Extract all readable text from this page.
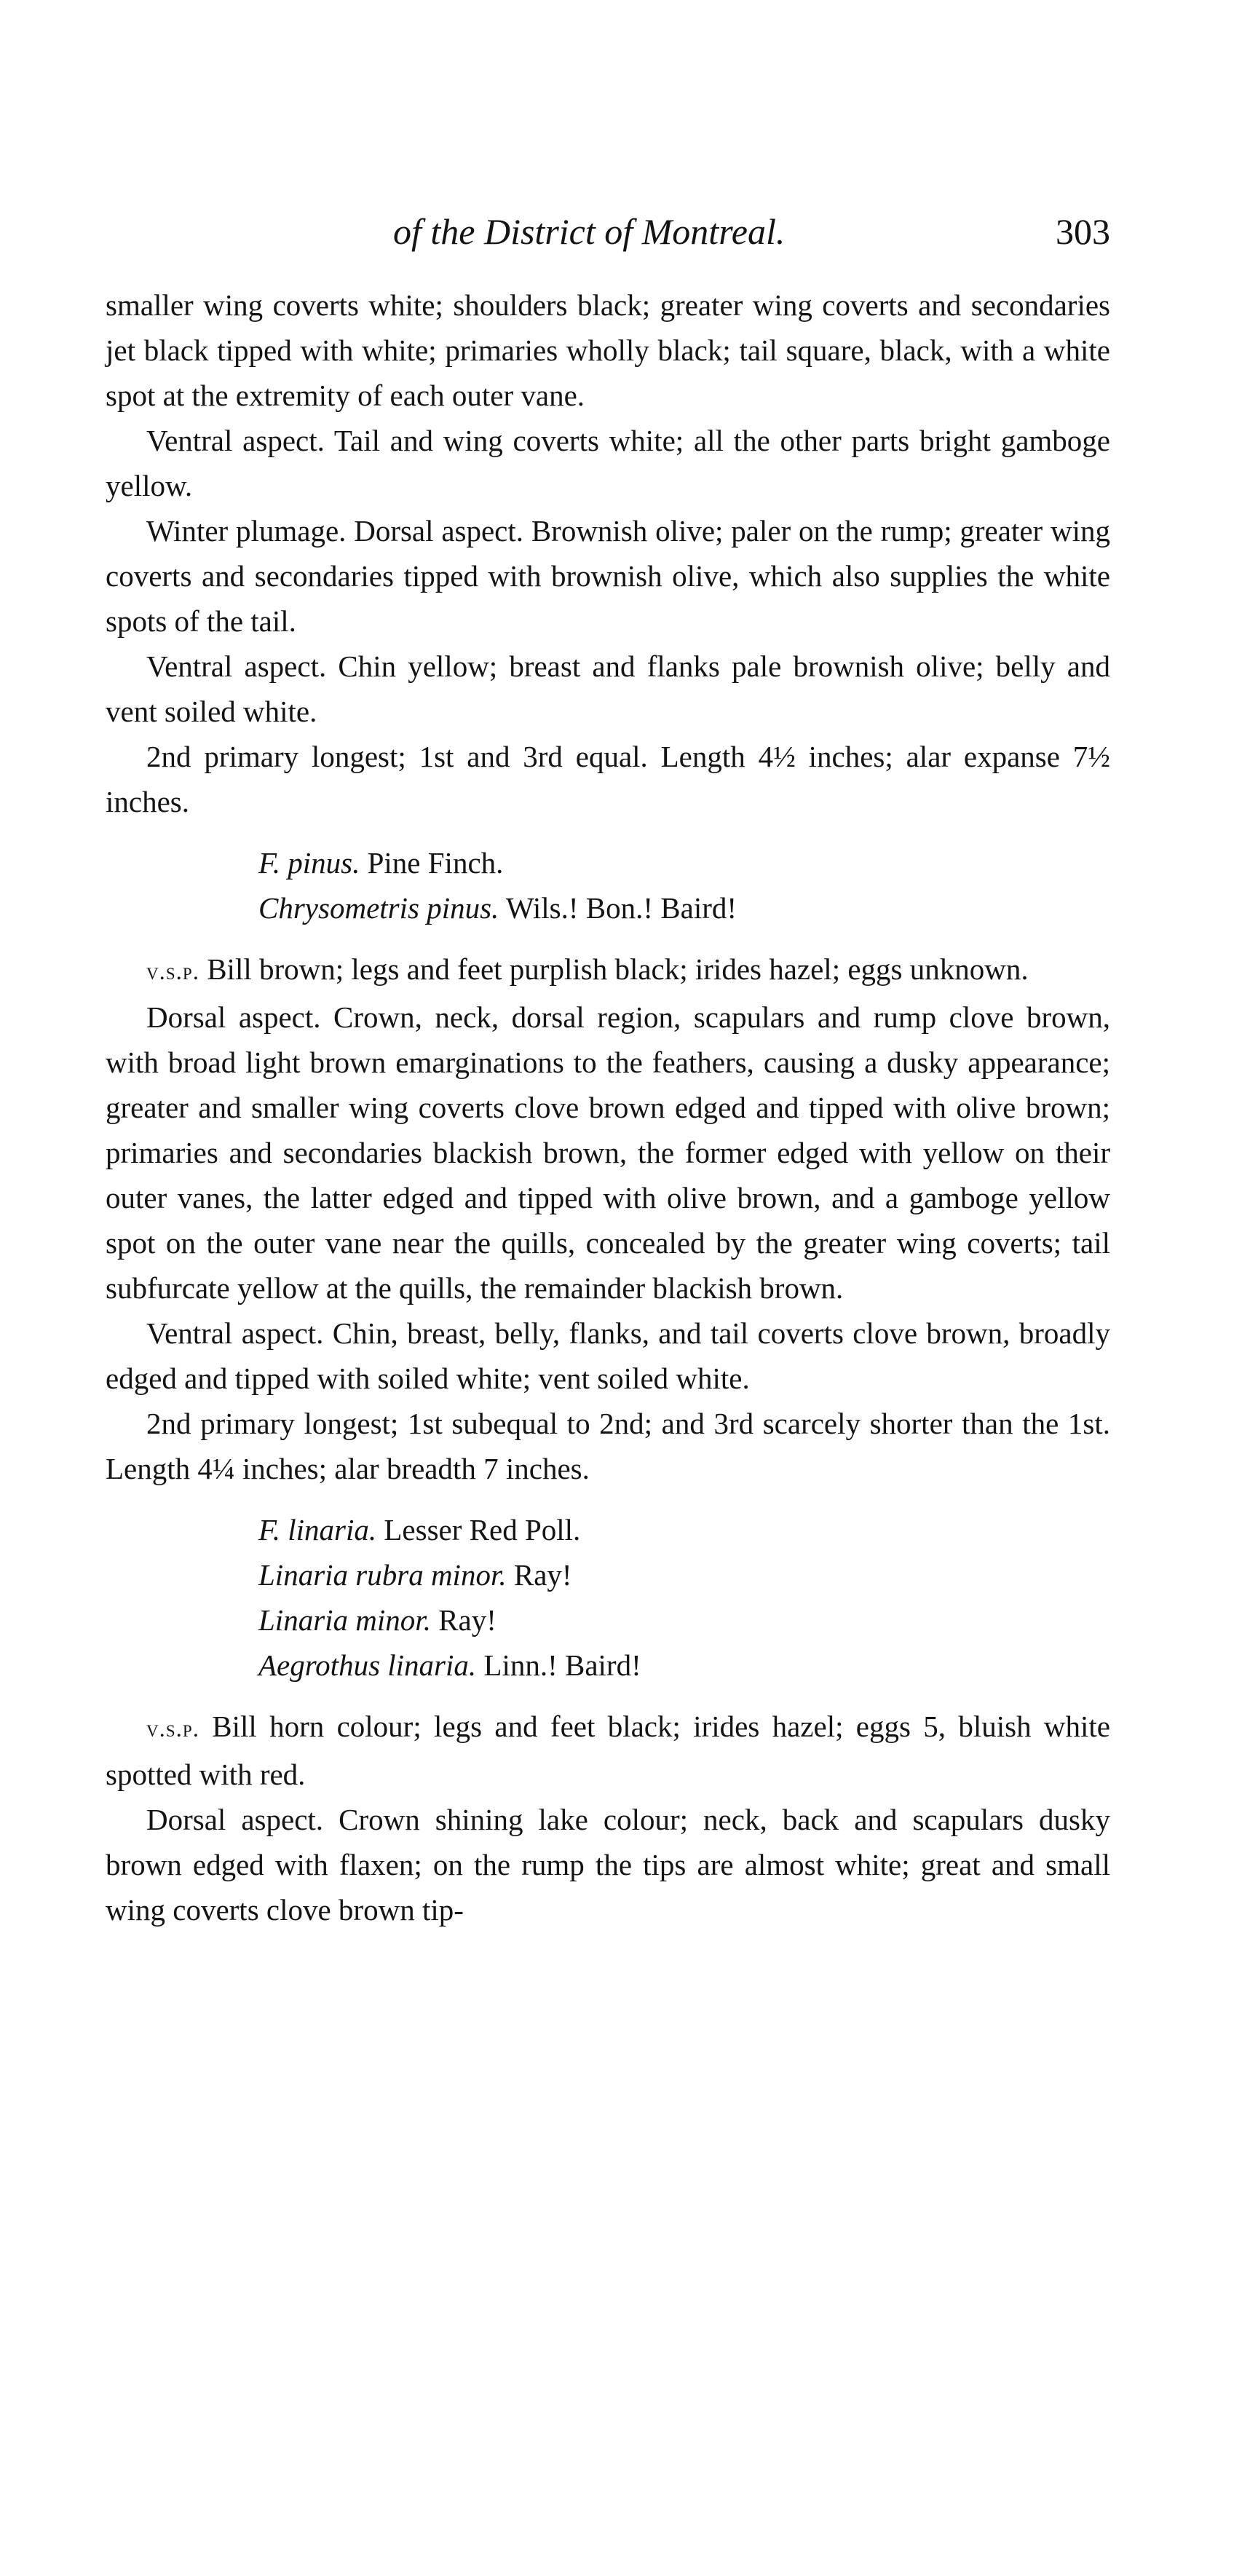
of the District of Montreal.	303

smaller wing coverts white; shoulders black; greater wing coverts and secondaries jet black tipped with white; primaries wholly black; tail square, black, with a white spot at the extremity of each outer vane.

Ventral aspect. Tail and wing coverts white; all the other parts bright gamboge yellow.

Winter plumage. Dorsal aspect. Brownish olive; paler on the rump; greater wing coverts and secondaries tipped with brownish olive, which also supplies the white spots of the tail.

Ventral aspect. Chin yellow; breast and flanks pale brownish olive; belly and vent soiled white.

2nd primary longest; 1st and 3rd equal. Length 4½ inches; alar expanse 7½ inches.

F. pinus. Pine Finch.
Chrysometris pinus. Wils.! Bon.! Baird!

v.s.p. Bill brown; legs and feet purplish black; irides hazel; eggs unknown.

Dorsal aspect. Crown, neck, dorsal region, scapulars and rump clove brown, with broad light brown emarginations to the feathers, causing a dusky appearance; greater and smaller wing coverts clove brown edged and tipped with olive brown; primaries and secondaries blackish brown, the former edged with yellow on their outer vanes, the latter edged and tipped with olive brown, and a gamboge yellow spot on the outer vane near the quills, concealed by the greater wing coverts; tail subfurcate yellow at the quills, the remainder blackish brown.

Ventral aspect. Chin, breast, belly, flanks, and tail coverts clove brown, broadly edged and tipped with soiled white; vent soiled white.

2nd primary longest; 1st subequal to 2nd; and 3rd scarcely shorter than the 1st. Length 4¼ inches; alar breadth 7 inches.

F. linaria. Lesser Red Poll.
Linaria rubra minor. Ray!
Linaria minor. Ray!
Aegrothus linaria. Linn.! Baird!

v.s.p. Bill horn colour; legs and feet black; irides hazel; eggs 5, bluish white spotted with red.

Dorsal aspect. Crown shining lake colour; neck, back and scapulars dusky brown edged with flaxen; on the rump the tips are almost white; great and small wing coverts clove brown tip-
